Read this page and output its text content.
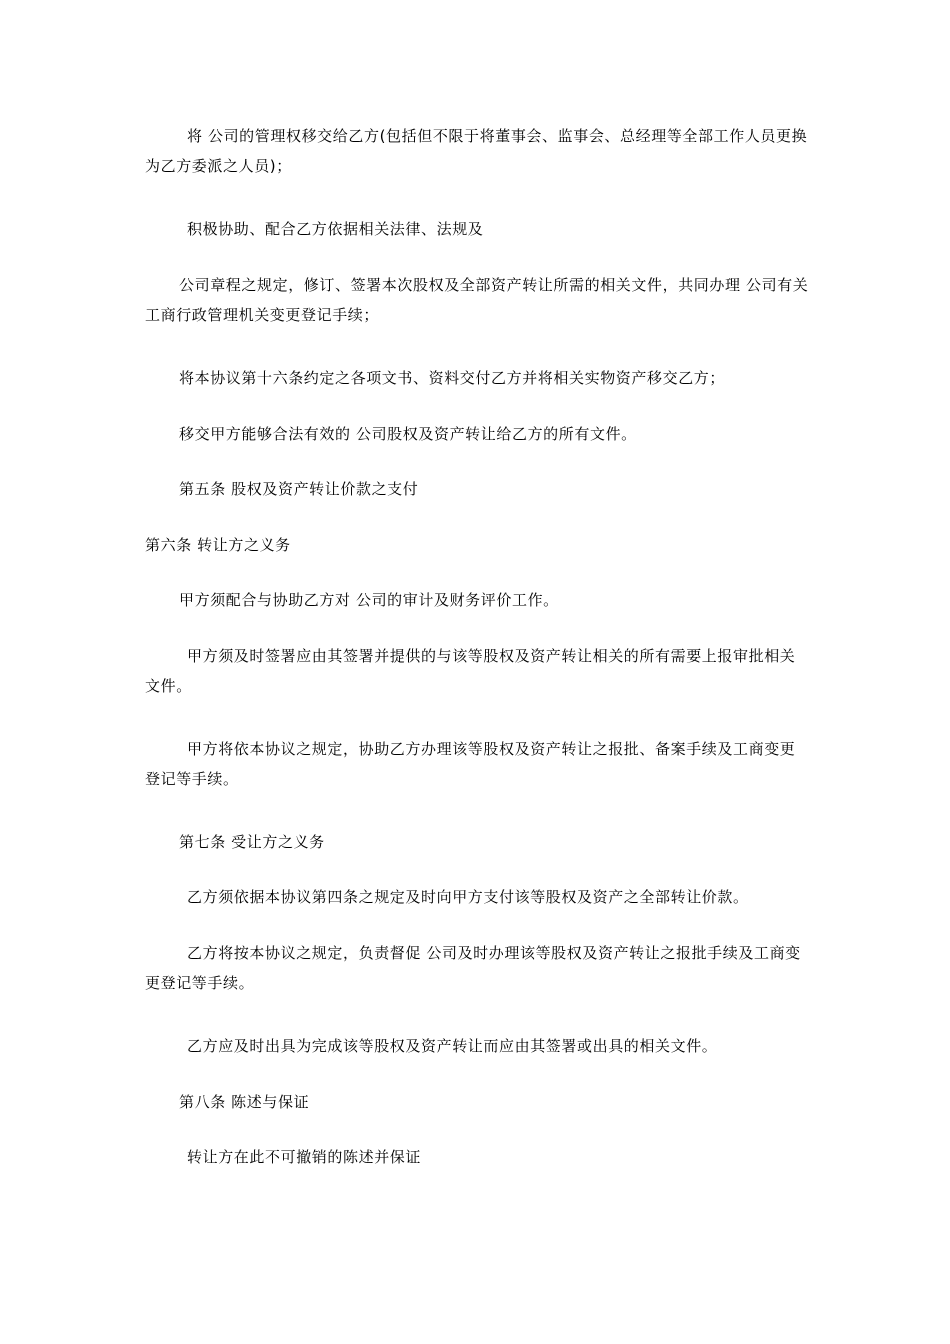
将 公司的管理权移交给乙方(包括但不限于将董事会、监事会、总经理等全部工作人员更换为乙方委派之人员)；

积极协助、配合乙方依据相关法律、法规及

公司章程之规定，修订、签署本次股权及全部资产转让所需的相关文件，共同办理 公司有关工商行政管理机关变更登记手续；

将本协议第十六条约定之各项文书、资料交付乙方并将相关实物资产移交乙方；

移交甲方能够合法有效的 公司股权及资产转让给乙方的所有文件。

第五条 股权及资产转让价款之支付

第六条 转让方之义务

甲方须配合与协助乙方对 公司的审计及财务评价工作。

甲方须及时签署应由其签署并提供的与该等股权及资产转让相关的所有需要上报审批相关文件。

甲方将依本协议之规定，协助乙方办理该等股权及资产转让之报批、备案手续及工商变更登记等手续。

第七条 受让方之义务

乙方须依据本协议第四条之规定及时向甲方支付该等股权及资产之全部转让价款。

乙方将按本协议之规定，负责督促 公司及时办理该等股权及资产转让之报批手续及工商变更登记等手续。

乙方应及时出具为完成该等股权及资产转让而应由其签署或出具的相关文件。

第八条 陈述与保证

转让方在此不可撤销的陈述并保证
